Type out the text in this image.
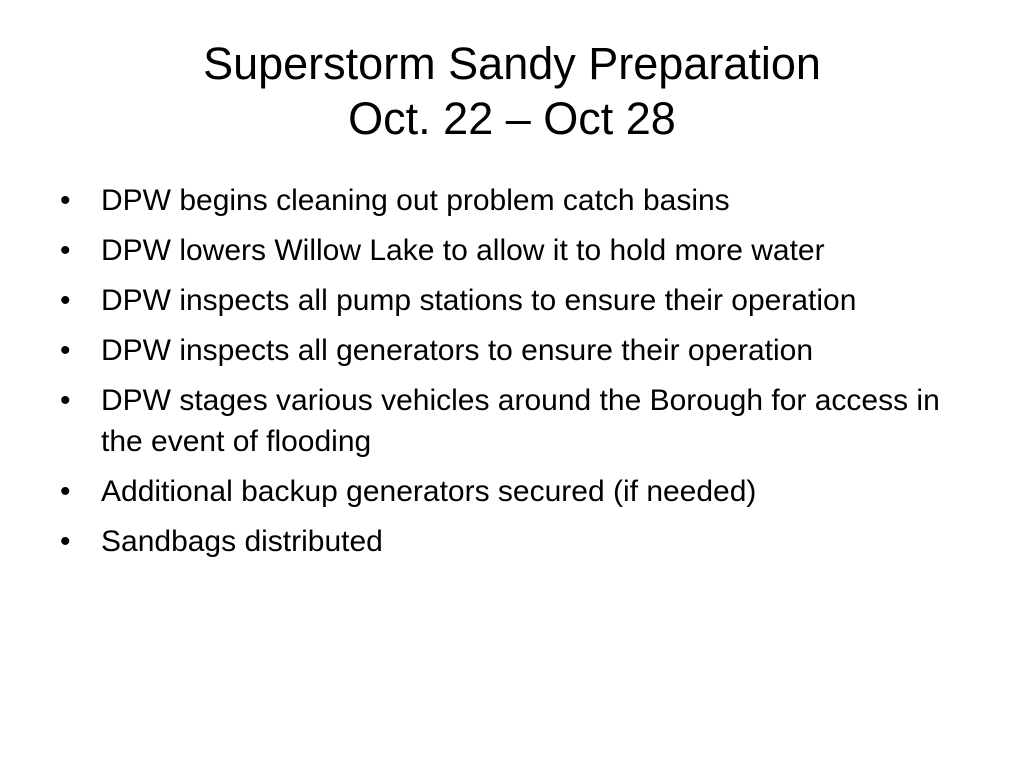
Superstorm Sandy Preparation
Oct. 22 – Oct 28
• DPW begins cleaning out problem catch basins
• DPW lowers Willow Lake to allow it to hold more water
• DPW inspects all pump stations to ensure their operation
• DPW inspects all generators to ensure their operation
• DPW stages various vehicles around the Borough for access in the event of flooding
• Additional backup generators secured (if needed)
• Sandbags distributed
